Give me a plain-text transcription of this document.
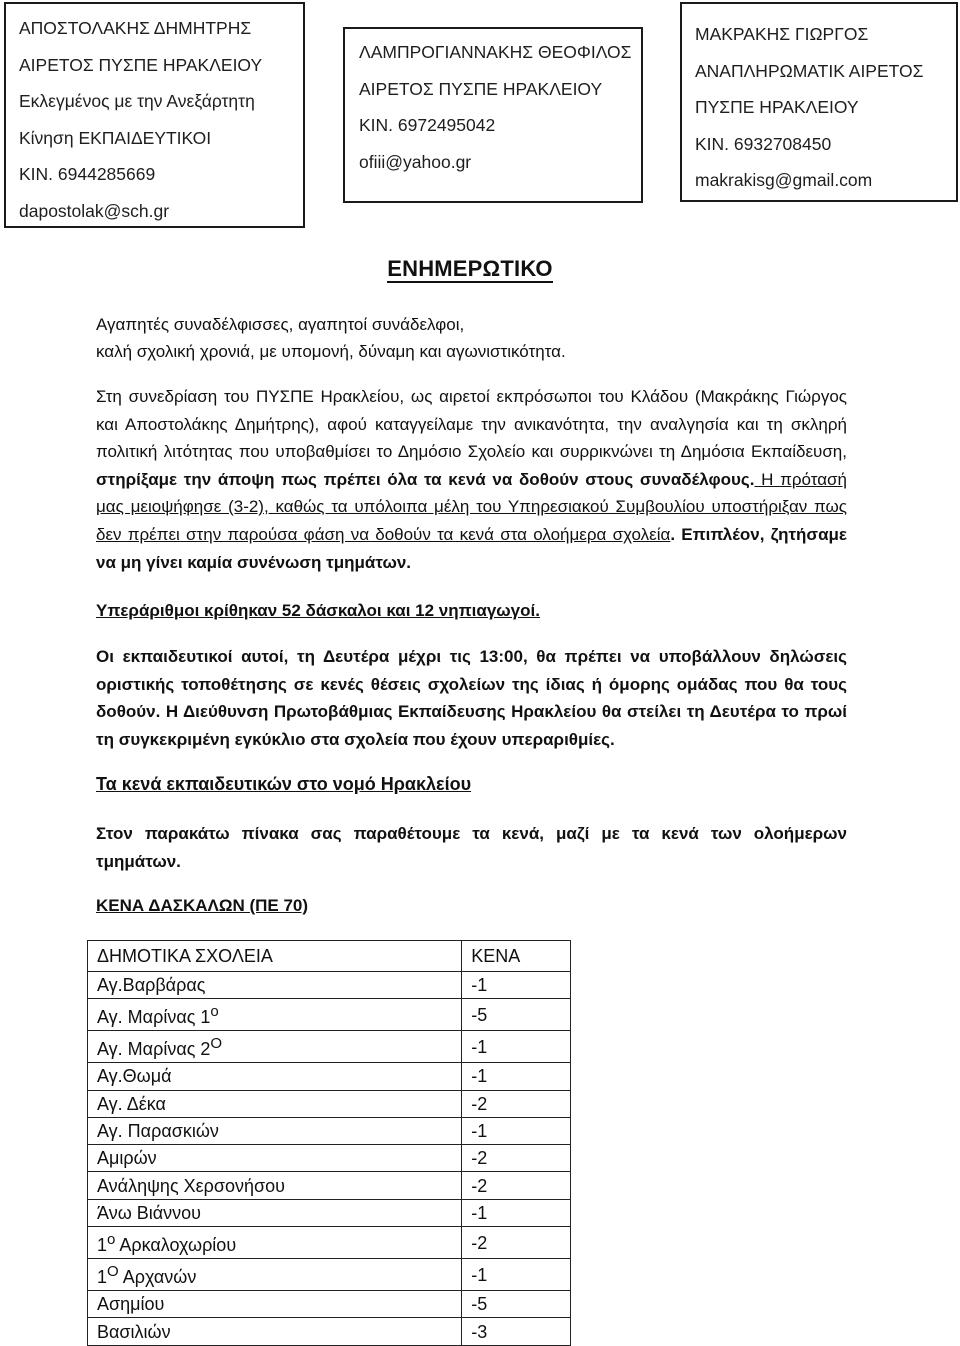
ΑΠΟΣΤΟΛΑΚΗΣ ΔΗΜΗΤΡΗΣ
ΑΙΡΕΤΟΣ ΠΥΣΠΕ ΗΡΑΚΛΕΙΟΥ
Εκλεγμένος με την Ανεξάρτητη
Κίνηση ΕΚΠΑΙΔΕΥΤΙΚΟΙ
ΚΙΝ. 6944285669
dapostolak@sch.gr
ΛΑΜΠΡΟΓΙΑΝΝΑΚΗΣ ΘΕΟΦΙΛΟΣ
ΑΙΡΕΤΟΣ ΠΥΣΠΕ ΗΡΑΚΛΕΙΟΥ
ΚΙΝ. 6972495042
ofiii@yahoo.gr
ΜΑΚΡΑΚΗΣ ΓΙΩΡΓΟΣ
ΑΝΑΠΛΗΡΩΜΑΤΙΚ ΑΙΡΕΤΟΣ
ΠΥΣΠΕ ΗΡΑΚΛΕΙΟΥ
ΚΙΝ. 6932708450
makrakisg@gmail.com
ΕΝΗΜΕΡΩΤΙΚΟ
Αγαπητές συναδέλφισσες, αγαπητοί συνάδελφοι,
καλή σχολική χρονιά, με υπομονή, δύναμη και αγωνιστικότητα.
Στη συνεδρίαση του ΠΥΣΠΕ Ηρακλείου, ως αιρετοί εκπρόσωποι του Κλάδου (Μακράκης Γιώργος και Αποστολάκης Δημήτρης), αφού καταγγείλαμε την ανικανότητα, την αναλγησία και τη σκληρή πολιτική λιτότητας που υποβαθμίσει το Δημόσιο Σχολείο και συρρικνώνει τη Δημόσια Εκπαίδευση, στηρίξαμε την άποψη πως πρέπει όλα τα κενά να δοθούν στους συναδέλφους. Η πρότασή μας μειοψήφησε (3-2), καθώς τα υπόλοιπα μέλη του Υπηρεσιακού Συμβουλίου υποστήριξαν πως δεν πρέπει στην παρούσα φάση να δοθούν τα κενά στα ολοήμερα σχολεία. Επιπλέον, ζητήσαμε να μη γίνει καμία συνένωση τμημάτων.
Υπεράριθμοι κρίθηκαν 52 δάσκαλοι και 12 νηπιαγωγοί.
Οι εκπαιδευτικοί αυτοί, τη Δευτέρα μέχρι τις 13:00, θα πρέπει να υποβάλλουν δηλώσεις οριστικής τοποθέτησης σε κενές θέσεις σχολείων της ίδιας ή όμορης ομάδας που θα τους δοθούν. Η Διεύθυνση Πρωτοβάθμιας Εκπαίδευσης Ηρακλείου θα στείλει τη Δευτέρα το πρωί τη συγκεκριμένη εγκύκλιο στα σχολεία που έχουν υπεραριθμίες.
Τα κενά εκπαιδευτικών στο νομό Ηρακλείου
Στον παρακάτω πίνακα σας παραθέτουμε τα κενά, μαζί με τα κενά των ολοήμερων τμημάτων.
ΚΕΝΑ ΔΑΣΚΑΛΩΝ (ΠΕ 70)
ΔΗΜΟΤΙΚΑ ΣΧΟΛΕΙΑ	ΚΕΝΑ
Αγ.Βαρβάρας	-1
Αγ. Μαρίνας $1^o$	-5
Αγ. Μαρίνας $2^O$	-1
Αγ.Θωμά	-1
Αγ. Δέκα	-2
Αγ. Παρασκιών	-1
Αμιρών	-2
Ανάληψης Χερσονήσου	-2
Άνω Βιάννου	-1
$1^o$ Αρκαλοχωρίου	-2
$1^O$ Αρχανών	-1
Ασημίου	-5
Βασιλιών	-3
